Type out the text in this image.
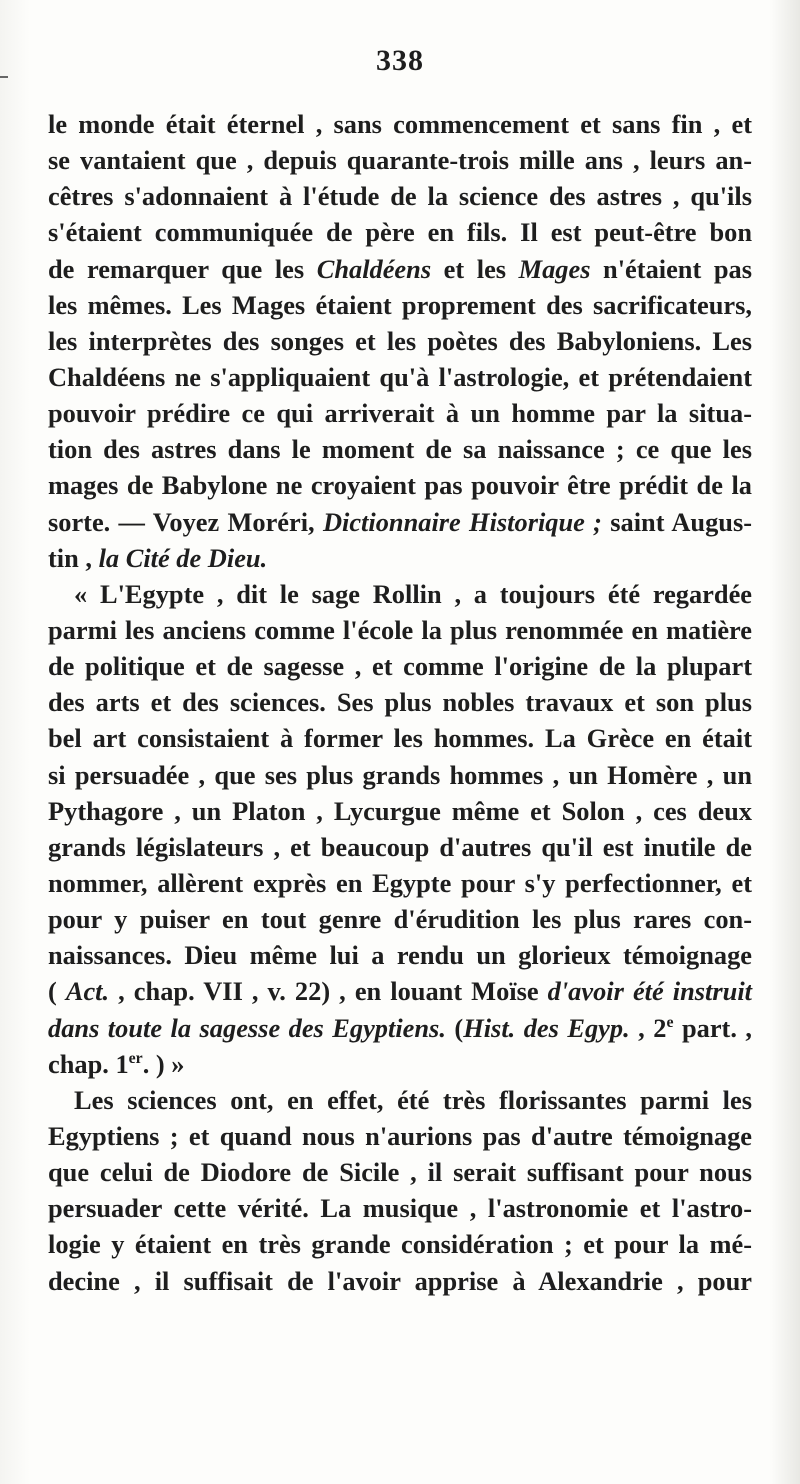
338
le monde était éternel , sans commencement et sans fin , et
se vantaient que , depuis quarante-trois mille ans , leurs an-
cêtres s'adonnaient à l'étude de la science des astres , qu'ils
s'étaient communiquée de père en fils. Il est peut-être bon
de remarquer que les Chaldéens et les Mages n'étaient pas
les mêmes. Les Mages étaient proprement des sacrificateurs,
les interprètes des songes et les poètes des Babyloniens. Les
Chaldéens ne s'appliquaient qu'à l'astrologie, et prétendaient
pouvoir prédire ce qui arriverait à un homme par la situa-
tion des astres dans le moment de sa naissance ; ce que les
mages de Babylone ne croyaient pas pouvoir être prédit de la
sorte. — Voyez Moréri, Dictionnaire Historique ; saint Augus-
tin , la Cité de Dieu.
« L'Egypte , dit le sage Rollin , a toujours été regardée
parmi les anciens comme l'école la plus renommée en matière
de politique et de sagesse , et comme l'origine de la plupart
des arts et des sciences. Ses plus nobles travaux et son plus
bel art consistaient à former les hommes. La Grèce en était
si persuadée , que ses plus grands hommes , un Homère , un
Pythagore , un Platon , Lycurgue même et Solon , ces deux
grands législateurs , et beaucoup d'autres qu'il est inutile de
nommer, allèrent exprès en Egypte pour s'y perfectionner, et
pour y puiser en tout genre d'érudition les plus rares con-
naissances. Dieu même lui a rendu un glorieux témoignage
( Act. , chap. VII , v. 22) , en louant Moïse d'avoir été instruit
dans toute la sagesse des Egyptiens. (Hist. des Egyp. , 2e part. ,
chap. 1er. ) »
Les sciences ont, en effet, été très florissantes parmi les
Egyptiens ; et quand nous n'aurions pas d'autre témoignage
que celui de Diodore de Sicile , il serait suffisant pour nous
persuader cette vérité. La musique , l'astronomie et l'astro-
logie y étaient en très grande considération ; et pour la mé-
decine , il suffisait de l'avoir apprise à Alexandrie , pour
